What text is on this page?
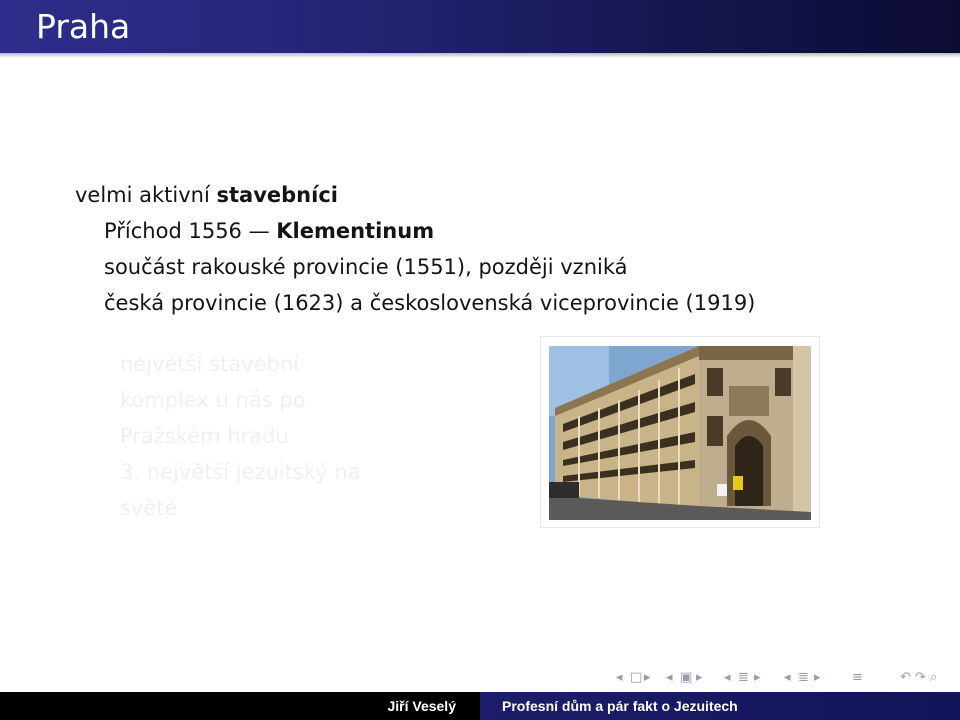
Praha
velmi aktivní stavebníci
Příchod 1556 — Klementinum
součást rakouské provincie (1551), později vzniká
česká provincie (1623) a československá viceprovincie (1919)
největší stavební
komplex u nás po
Pražském hradu
3. největší jezuitský na
světě
◂ □ ▸ ◂ ▣ ▸ ◂ ≣ ▸ ◂ ≣ ▸ ≡	↶ ↷ ⌕
Jiří Veselý	Profesní dům a pár fakt o Jezuitech
